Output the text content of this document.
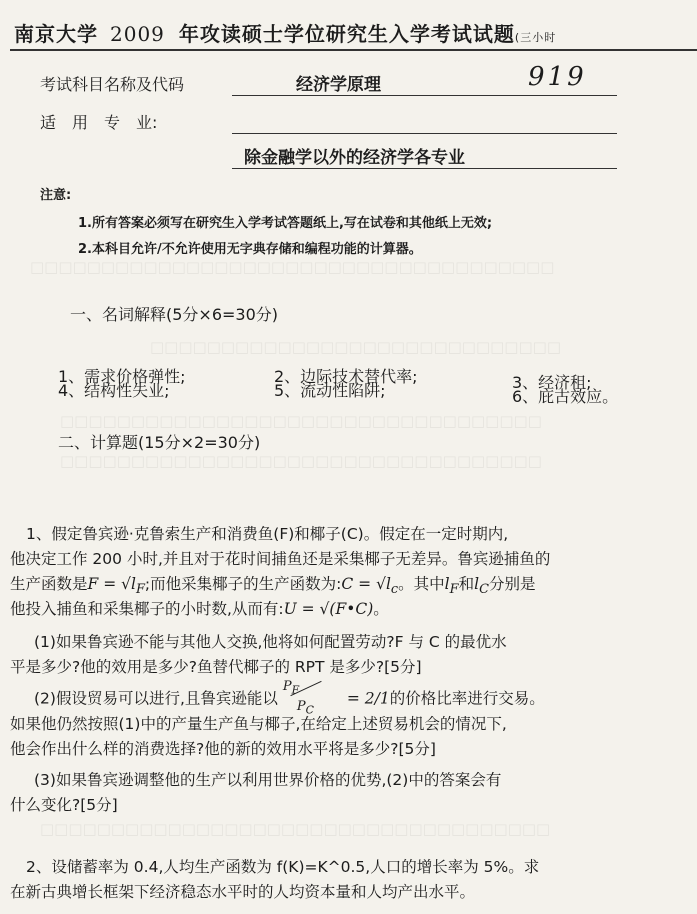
□□□□□□□□□□□□□□□□□□□□□□□□□□□□□□□□□□□□□
□□□□□□□□□□□□□□□□□□□□□□□□□□□□□
□□□□□□□□□□□□□□□□□□□□□□□□□□□□□□□□□□
□□□□□□□□□□□□□□□□□□□□□□□□□□□□□□□□□□
□□□□□□□□□□□□□□□□□□□□□□□□□□□□□□□□□□□□
南京大学 2009 年攻读硕士学位研究生入学考试试题(三小时
考试科目名称及代码	经济学原理	919
适　用　专　业:
除金融学以外的经济学各专业
注意:
1.所有答案必须写在研究生入学考试答题纸上,写在试卷和其他纸上无效;
2.本科目允许/不允许使用无字典存储和编程功能的计算器。
一、名词解释(5分×6=30分)
1、需求价格弹性;	2、边际技术替代率;	3、经济租;
4、结构性失业;	5、流动性陷阱;	6、庇古效应。
二、计算题(15分×2=30分)
1、假定鲁宾逊·克鲁索生产和消费鱼(F)和椰子(C)。假定在一定时期内,
他决定工作 200 小时,并且对于花时间捕鱼还是采集椰子无差异。鲁宾逊捕鱼的
生产函数是$F = √l_F$;而他采集椰子的生产函数为:C = $√l_c$。其中$l_F$和$l_C$分别是
他投入捕鱼和采集椰子的小时数,从而有:U = √(F•C)。
(1)如果鲁宾逊不能与其他人交换,他将如何配置劳动?F 与 C 的最优水
平是多少?他的效用是多少?鱼替代椰子的 RPT 是多少?[5分]
(2)假设贸易可以进行,且鲁宾逊能以
$P_F$
$P_C$
= 2/1的价格比率进行交易。
如果他仍然按照(1)中的产量生产鱼与椰子,在给定上述贸易机会的情况下,
他会作出什么样的消费选择?他的新的效用水平将是多少?[5分]
(3)如果鲁宾逊调整他的生产以利用世界价格的优势,(2)中的答案会有
什么变化?[5分]
2、设储蓄率为 0.4,人均生产函数为 f(K)=K^0.5,人口的增长率为 5%。求
在新古典增长框架下经济稳态水平时的人均资本量和人均产出水平。
